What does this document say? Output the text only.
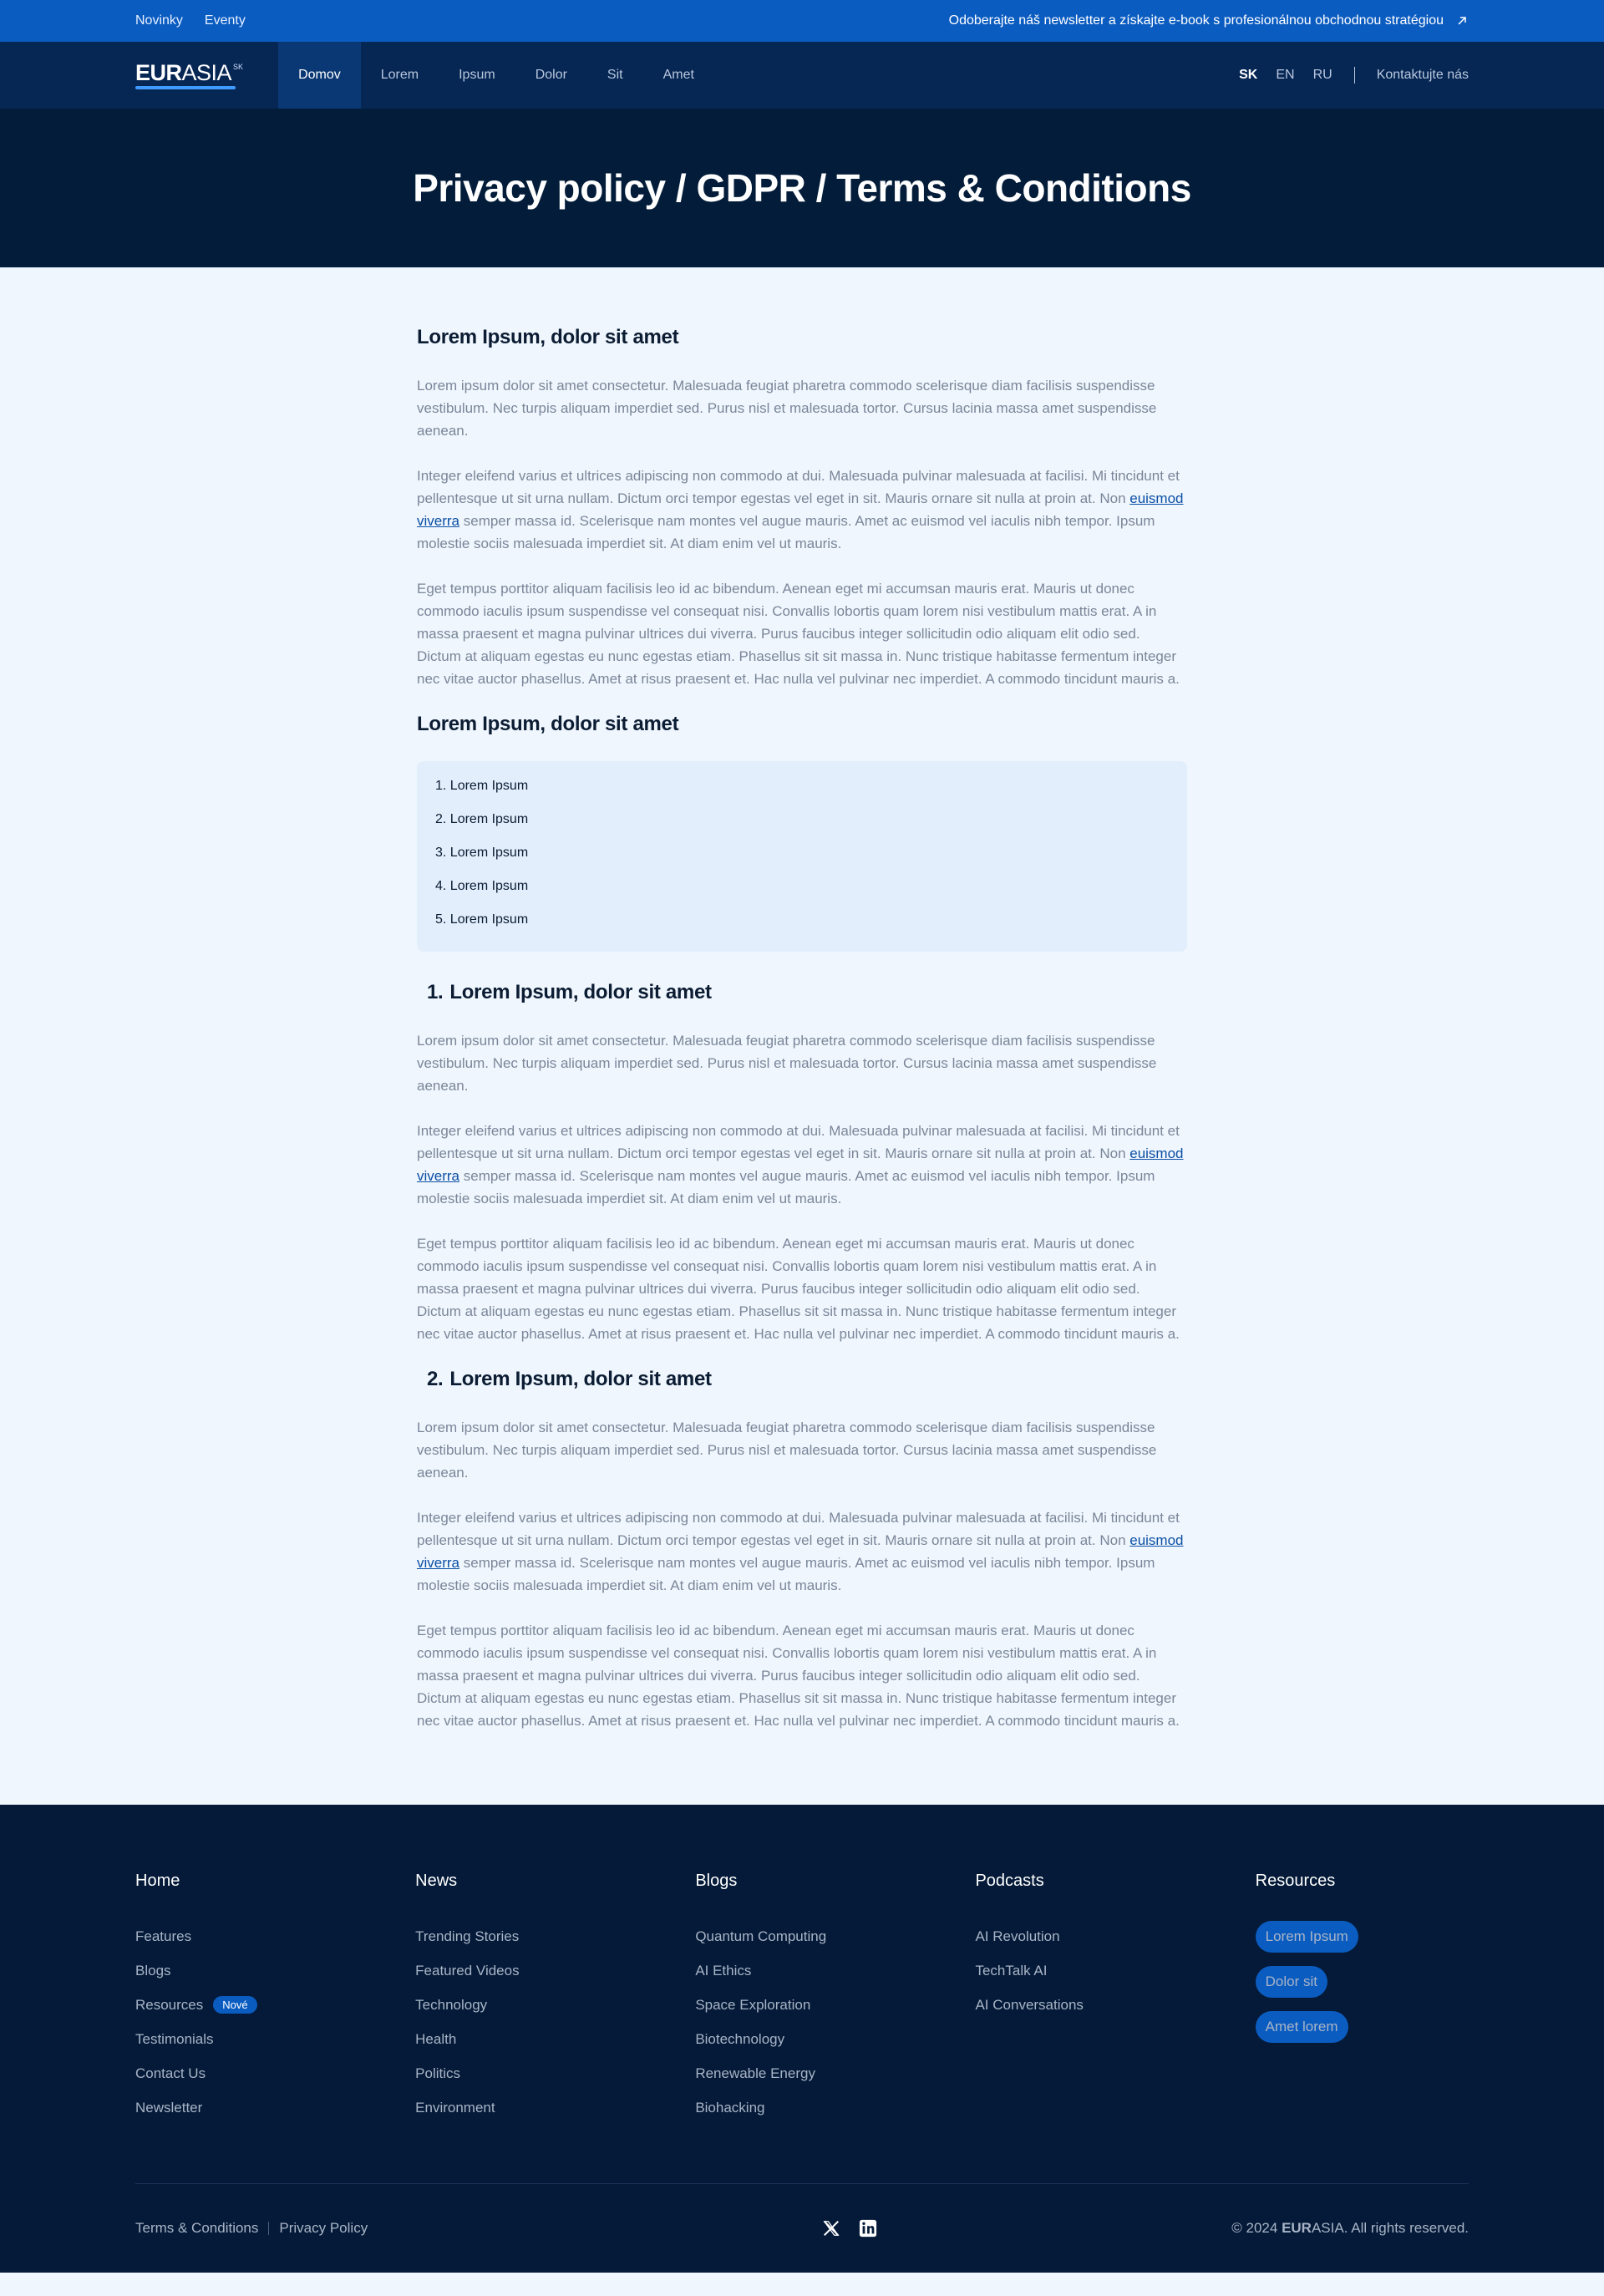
Novinky Eventy	Odoberajte náš newsletter a získajte e-book s profesionálnou obchodnou stratégiou
EURASIA SK
Domov	Lorem	Ipsum	Dolor	Sit	Amet	SK EN RU	Kontaktujte nás
Privacy policy / GDPR / Terms & Conditions
Lorem Ipsum, dolor sit amet

Lorem ipsum dolor sit amet consectetur. Malesuada feugiat pharetra commodo scelerisque diam facilisis suspendisse vestibulum. Nec turpis aliquam imperdiet sed. Purus nisl et malesuada tortor. Cursus lacinia massa amet suspendisse aenean.

Integer eleifend varius et ultrices adipiscing non commodo at dui. Malesuada pulvinar malesuada at facilisi. Mi tincidunt et pellentesque ut sit urna nullam. Dictum orci tempor egestas vel eget in sit. Mauris ornare sit nulla at proin at. Non euismod viverra semper massa id. Scelerisque nam montes vel augue mauris. Amet ac euismod vel iaculis nibh tempor. Ipsum molestie sociis malesuada imperdiet sit. At diam enim vel ut mauris.

Eget tempus porttitor aliquam facilisis leo id ac bibendum. Aenean eget mi accumsan mauris erat. Mauris ut donec commodo iaculis ipsum suspendisse vel consequat nisi. Convallis lobortis quam lorem nisi vestibulum mattis erat. A in massa praesent et magna pulvinar ultrices dui viverra. Purus faucibus integer sollicitudin odio aliquam elit odio sed. Dictum at aliquam egestas eu nunc egestas etiam. Phasellus sit sit massa in. Nunc tristique habitasse fermentum integer nec vitae auctor phasellus. Amet at risus praesent et. Hac nulla vel pulvinar nec imperdiet. A commodo tincidunt mauris a.

Lorem Ipsum, dolor sit amet
1. Lorem Ipsum
2. Lorem Ipsum
3. Lorem Ipsum
4. Lorem Ipsum
5. Lorem Ipsum
1. Lorem Ipsum, dolor sit amet

Lorem ipsum dolor sit amet consectetur. Malesuada feugiat pharetra commodo scelerisque diam facilisis suspendisse vestibulum. Nec turpis aliquam imperdiet sed. Purus nisl et malesuada tortor. Cursus lacinia massa amet suspendisse aenean.

Integer eleifend varius et ultrices adipiscing non commodo at dui. Malesuada pulvinar malesuada at facilisi. Mi tincidunt et pellentesque ut sit urna nullam. Dictum orci tempor egestas vel eget in sit. Mauris ornare sit nulla at proin at. Non euismod viverra semper massa id. Scelerisque nam montes vel augue mauris. Amet ac euismod vel iaculis nibh tempor. Ipsum molestie sociis malesuada imperdiet sit. At diam enim vel ut mauris.

Eget tempus porttitor aliquam facilisis leo id ac bibendum. Aenean eget mi accumsan mauris erat. Mauris ut donec commodo iaculis ipsum suspendisse vel consequat nisi. Convallis lobortis quam lorem nisi vestibulum mattis erat. A in massa praesent et magna pulvinar ultrices dui viverra. Purus faucibus integer sollicitudin odio aliquam elit odio sed. Dictum at aliquam egestas eu nunc egestas etiam. Phasellus sit sit massa in. Nunc tristique habitasse fermentum integer nec vitae auctor phasellus. Amet at risus praesent et. Hac nulla vel pulvinar nec imperdiet. A commodo tincidunt mauris a.

2. Lorem Ipsum, dolor sit amet

Lorem ipsum dolor sit amet consectetur. Malesuada feugiat pharetra commodo scelerisque diam facilisis suspendisse vestibulum. Nec turpis aliquam imperdiet sed. Purus nisl et malesuada tortor. Cursus lacinia massa amet suspendisse aenean.

Integer eleifend varius et ultrices adipiscing non commodo at dui. Malesuada pulvinar malesuada at facilisi. Mi tincidunt et pellentesque ut sit urna nullam. Dictum orci tempor egestas vel eget in sit. Mauris ornare sit nulla at proin at. Non euismod viverra semper massa id. Scelerisque nam montes vel augue mauris. Amet ac euismod vel iaculis nibh tempor. Ipsum molestie sociis malesuada imperdiet sit. At diam enim vel ut mauris.

Eget tempus porttitor aliquam facilisis leo id ac bibendum. Aenean eget mi accumsan mauris erat. Mauris ut donec commodo iaculis ipsum suspendisse vel consequat nisi. Convallis lobortis quam lorem nisi vestibulum mattis erat. A in massa praesent et magna pulvinar ultrices dui viverra. Purus faucibus integer sollicitudin odio aliquam elit odio sed. Dictum at aliquam egestas eu nunc egestas etiam. Phasellus sit sit massa in. Nunc tristique habitasse fermentum integer nec vitae auctor phasellus. Amet at risus praesent et. Hac nulla vel pulvinar nec imperdiet. A commodo tincidunt mauris a.

Home
Features
Blogs
Resources	Nové
Testimonials
Contact Us
Newsletter
News
Trending Stories
Featured Videos
Technology
Health
Politics
Environment
Blogs
Quantum Computing
AI Ethics
Space Exploration
Biotechnology
Renewable Energy
Biohacking
Podcasts
AI Revolution
TechTalk AI
AI Conversations
Resources
Lorem Ipsum
Dolor sit
Amet lorem
Terms & Conditions Privacy Policy	© 2024 EURASIA. All rights reserved.
